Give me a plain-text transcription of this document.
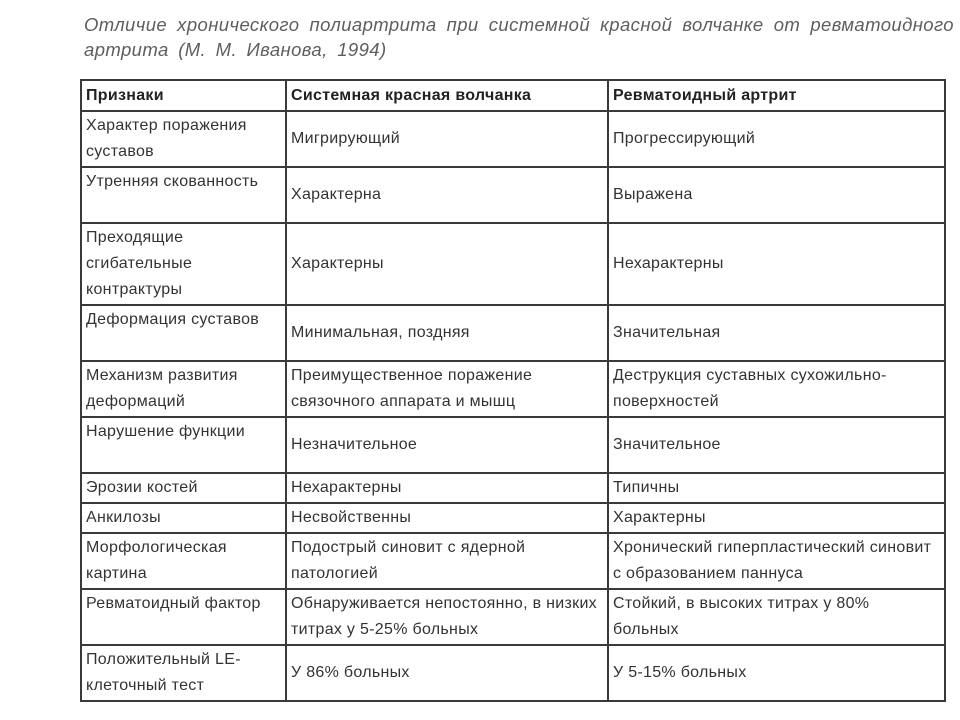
Отличие хронического полиартрита при системной красной волчанке от ревматоидного артрита (М. М. Иванова, 1994)
Признаки	Системная красная волчанка	Ревматоидный артрит
Характер поражения суставов	Мигрирующий	Прогрессирующий
Утренняя скованность	Характерна	Выражена
Преходящие сгибательные контрактуры	Характерны	Нехарактерны
Деформация суставов	Минимальная, поздняя	Значительная
Механизм развития деформаций	Преимущественное поражение связочного аппарата и мышц	Деструкция суставных сухожильно-поверхностей
Нарушение функции	Незначительное	Значительное
Эрозии костей	Нехарактерны	Типичны
Анкилозы	Несвойственны	Характерны
Морфологическая картина	Подострый синовит с ядерной патологией	Хронический гиперпластический синовит с образованием паннуса
Ревматоидный фактор	Обнаруживается непостоянно, в низких титрах у 5-25% больных	Стойкий, в высоких титрах у 80% больных
Положительный LE-клеточный тест	У 86% больных	У 5-15% больных
